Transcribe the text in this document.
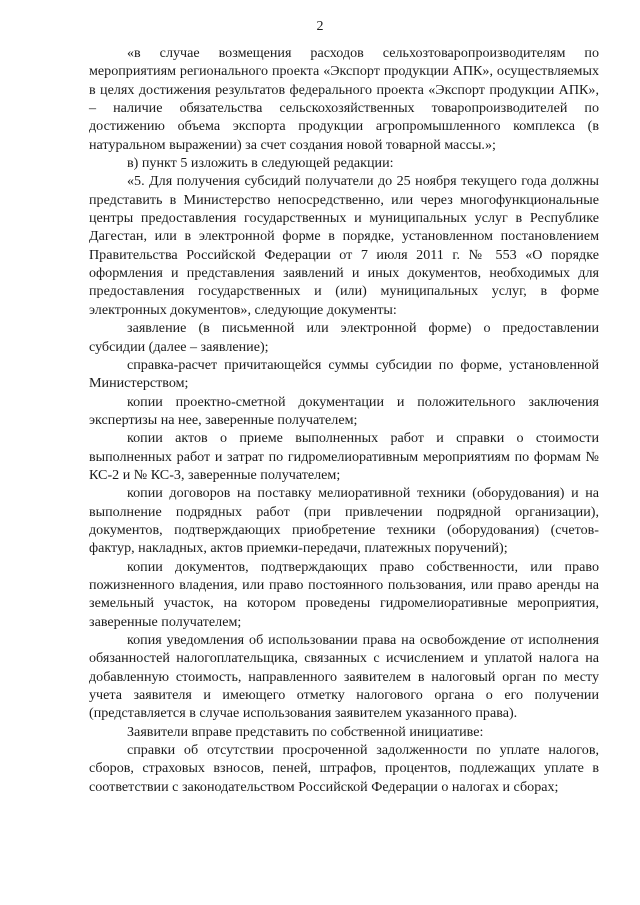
2

«в случае возмещения расходов сельхозтоваропроизводителям по мероприятиям регионального проекта «Экспорт продукции АПК», осуществляемых в целях достижения результатов федерального проекта «Экспорт продукции АПК», – наличие обязательства сельскохозяйственных товаропроизводителей по достижению объема экспорта продукции агропромышленного комплекса (в натуральном выражении) за счет создания новой товарной массы.»;

в) пункт 5 изложить в следующей редакции:

«5. Для получения субсидий получатели до 25 ноября текущего года должны представить в Министерство непосредственно, или через многофункциональные центры предоставления государственных и муниципальных услуг в Республике Дагестан, или в электронной форме в порядке, установленном постановлением Правительства Российской Федерации от 7 июля 2011 г. № 553 «О порядке оформления и представления заявлений и иных документов, необходимых для предоставления государственных и (или) муниципальных услуг, в форме электронных документов», следующие документы:

заявление (в письменной или электронной форме) о предоставлении субсидии (далее – заявление);

справка-расчет причитающейся суммы субсидии по форме, установленной Министерством;

копии проектно-сметной документации и положительного заключения экспертизы на нее, заверенные получателем;

копии актов о приеме выполненных работ и справки о стоимости выполненных работ и затрат по гидромелиоративным мероприятиям по формам № КС-2 и № КС-3, заверенные получателем;

копии договоров на поставку мелиоративной техники (оборудования) и на выполнение подрядных работ (при привлечении подрядной организации), документов, подтверждающих приобретение техники (оборудования) (счетов-фактур, накладных, актов приемки-передачи, платежных поручений);

копии документов, подтверждающих право собственности, или право пожизненного владения, или право постоянного пользования, или право аренды на земельный участок, на котором проведены гидромелиоративные мероприятия, заверенные получателем;

копия уведомления об использовании права на освобождение от исполнения обязанностей налогоплательщика, связанных с исчислением и уплатой налога на добавленную стоимость, направленного заявителем в налоговый орган по месту учета заявителя и имеющего отметку налогового органа о его получении (представляется в случае использования заявителем указанного права).

Заявители вправе представить по собственной инициативе:

справки об отсутствии просроченной задолженности по уплате налогов, сборов, страховых взносов, пеней, штрафов, процентов, подлежащих уплате в соответствии с законодательством Российской Федерации о налогах и сборах;
